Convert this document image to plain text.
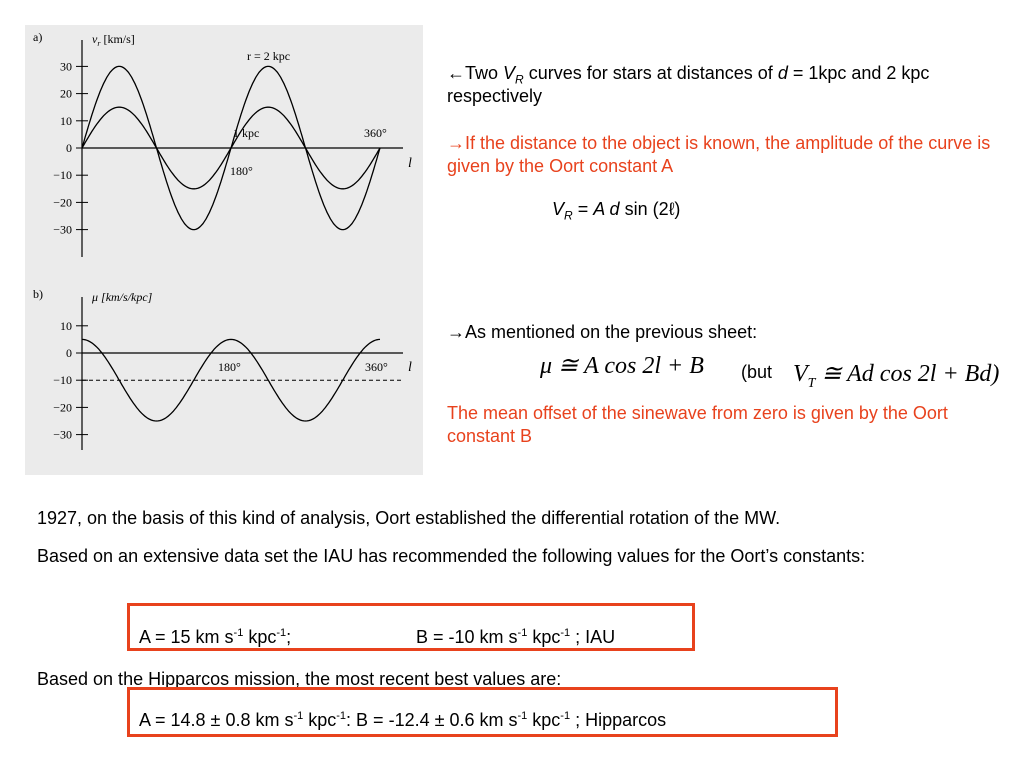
a)	$v_r$ [km/s]
30
20
10
0
−10
−20
−30
l
r = 2 kpc
1 kpc
180°
360°
b)	μ [km/s/kpc]
10
0
−10
−20
−30
l
180°	360°
←Two $V_R$ curves for stars at distances of d = 1kpc and 2 kpc respectively
→If the distance to the object is known, the amplitude of the curve is given by the Oort constant A
$V_R = A$ d sin (2ℓ)
→As mentioned on the previous sheet:
μ ≅ A cos 2l + B (but $V_T$ ≅ Ad cos 2l + Bd)
The mean offset of the sinewave from zero is given by the Oort constant B
1927, on the basis of this kind of analysis, Oort established the differential rotation of the MW.
Based on an extensive data set the IAU has recommended the following values for the Oort’s constants:
A = 15 km $s^{-1}$ kpc$^{-1}$;	B = -10 km $s^{-1}$ kpc$^{-1}$ ; IAU
Based on the Hipparcos mission, the most recent best values are:
A = 14.8 ± 0.8 km $s^{-1}$ kpc$^{-1}$: B = -12.4 ± 0.6 km $s^{-1}$ kpc$^{-1}$ ; Hipparcos
